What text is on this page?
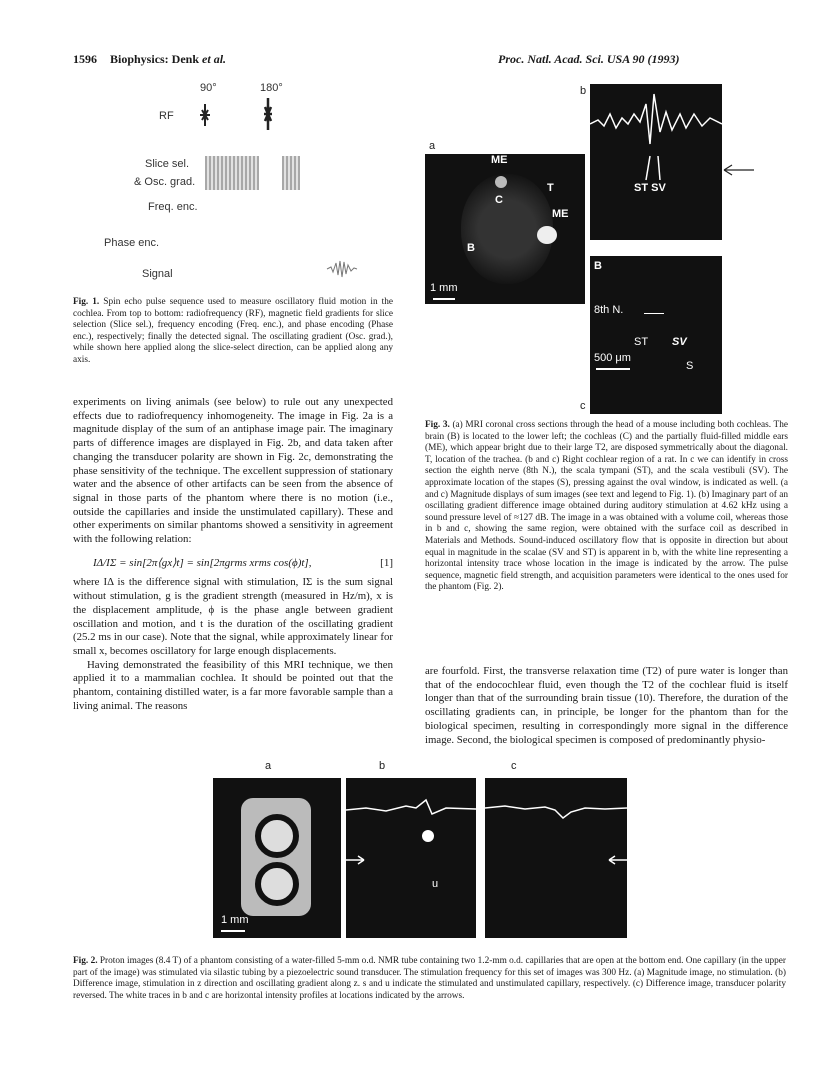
1596 Biophysics: Denk et al.	Proc. Natl. Acad. Sci. USA 90 (1993)
90°	180°
RF
Slice sel.
& Osc. grad.
Freq. enc.
Phase enc.
Signal
Fig. 1. Spin echo pulse sequence used to measure oscillatory fluid motion in the cochlea. From top to bottom: radiofrequency (RF), magnetic field gradients for slice selection (Slice sel.), frequency encoding (Freq. enc.), and phase encoding (Phase enc.), respectively; finally the detected signal. The oscillating gradient (Osc. grad.), while shown here applied along the slice-select direction, can be applied along any axis.
b
ST SV
a
ME
C
T
ME
B
1 mm
B
8th N.
ST SV
500 μm
S
c
Fig. 3. (a) MRI coronal cross sections through the head of a mouse including both cochleas. The brain (B) is located to the lower left; the cochleas (C) and the partially fluid-filled middle ears (ME), which appear bright due to their large T2, are disposed symmetrically about the diagonal. T, location of the trachea. (b and c) Right cochlear region of a rat. In c we can identify in cross section the eighth nerve (8th N.), the scala tympani (ST), and the scala vestibuli (SV). The approximate location of the stapes (S), pressing against the oval window, is indicated as well. (a and c) Magnitude displays of sum images (see text and legend to Fig. 1). (b) Imaginary part of an oscillating gradient difference image obtained during auditory stimulation at 4.62 kHz using a sound pressure level of ≈127 dB. The image in a was obtained with a volume coil, whereas those in b and c, showing the same region, were obtained with the surface coil as described in Materials and Methods. Sound-induced oscillatory flow that is opposite in direction but about equal in magnitude in the scalae (SV and ST) is apparent in b, with the white line representing a horizontal intensity trace whose location in the image is indicated by the arrow. The pulse sequence, magnetic field strength, and acquisition parameters were identical to the ones used for the phantom (Fig. 2).

experiments on living animals (see below) to rule out any unexpected effects due to radiofrequency inhomogeneity. The image in Fig. 2a is a magnitude display of the sum of an antiphase image pair. The imaginary parts of difference images are displayed in Fig. 2b, and data taken after changing the transducer polarity are shown in Fig. 2c, demonstrating the phase sensitivity of the technique. The excellent suppression of stationary water and the absence of other artifacts can be seen from the absence of signal in those parts of the phantom where there is no motion (i.e., outside the capillaries and inside the unstimulated capillary). These and other experiments on similar phantoms showed a sensitivity in agreement with the following relation:

IΔ/IΣ = sin[2π⟨gx⟩t] = sin[2πgrms xrms cos(ϕ)t],	[1]

where IΔ is the difference signal with stimulation, IΣ is the sum signal without stimulation, g is the gradient strength (measured in Hz/m), x is the displacement amplitude, ϕ is the phase angle between gradient oscillation and motion, and t is the duration of the oscillating gradient (25.2 ms in our case). Note that the signal, while approximately linear for small x, becomes oscillatory for large enough displacements.

Having demonstrated the feasibility of this MRI technique, we then applied it to a mammalian cochlea. It should be pointed out that the phantom, containing distilled water, is a far more favorable sample than a living animal. The reasons

are fourfold. First, the transverse relaxation time (T2) of pure water is longer than that of the endocochlear fluid, even though the T2 of the cochlear fluid is itself longer than that of the surrounding brain tissue (10). Therefore, the duration of the oscillating gradients can, in principle, be longer for the phantom than for the biological specimen, resulting in correspondingly more signal in the difference image. Second, the biological specimen is composed of predominantly physio-

a	b	c
1 mm
u
Fig. 2. Proton images (8.4 T) of a phantom consisting of a water-filled 5-mm o.d. NMR tube containing two 1.2-mm o.d. capillaries that are open at the bottom end. One capillary (in the upper part of the image) was stimulated via silastic tubing by a piezoelectric sound transducer. The stimulation frequency for this set of images was 300 Hz. (a) Magnitude image, no stimulation. (b) Difference image, stimulation in z direction and oscillating gradient along z. s and u indicate the stimulated and unstimulated capillary, respectively. (c) Difference image, transducer polarity reversed. The white traces in b and c are horizontal intensity profiles at locations indicated by the arrows.
